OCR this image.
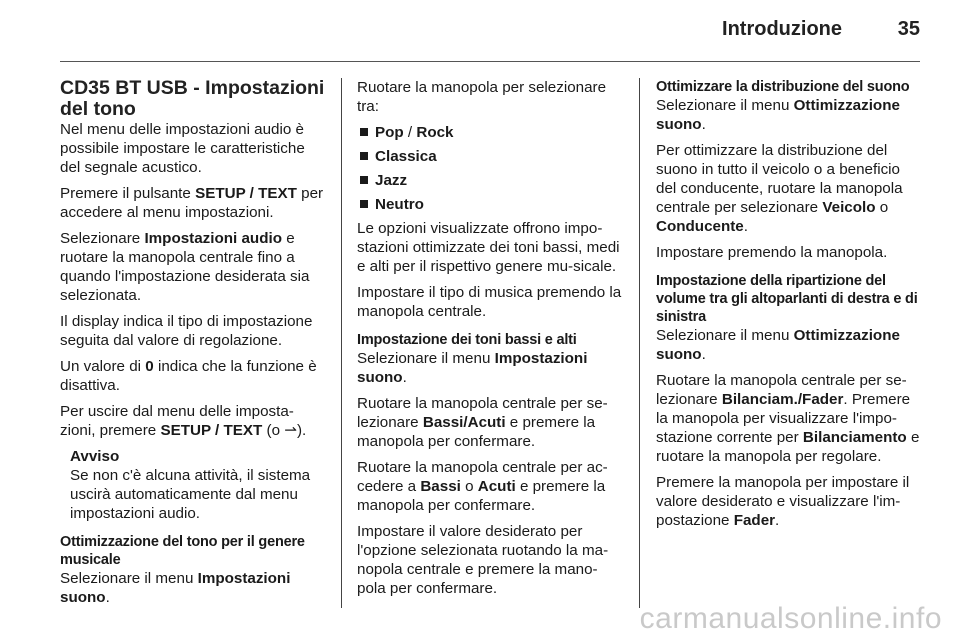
Introduzione	35
CD35 BT USB - Impostazioni del tono

Nel menu delle impostazioni audio è possibile impostare le caratteristiche del segnale acustico.

Premere il pulsante SETUP / TEXT per accedere al menu impostazioni.

Selezionare Impostazioni audio e ruotare la manopola centrale fino a quando l'impostazione desiderata sia selezionata.

Il display indica il tipo di impostazione seguita dal valore di regolazione.

Un valore di 0 indica che la funzione è disattiva.

Per uscire dal menu delle imposta-zioni, premere SETUP / TEXT (o ⇀).

Avviso

Se non c'è alcuna attività, il sistema uscirà automaticamente dal menu impostazioni audio.

Ottimizzazione del tono per il genere musicale

Selezionare il menu Impostazioni suono.

Ruotare la manopola per selezionare tra:

Pop / Rock
Classica
Jazz
Neutro

Le opzioni visualizzate offrono impo-stazioni ottimizzate dei toni bassi, medi e alti per il rispettivo genere mu-sicale.

Impostare il tipo di musica premendo la manopola centrale.

Impostazione dei toni bassi e alti

Selezionare il menu Impostazioni suono.

Ruotare la manopola centrale per se-lezionare Bassi/Acuti e premere la manopola per confermare.

Ruotare la manopola centrale per ac-cedere a Bassi o Acuti e premere la manopola per confermare.

Impostare il valore desiderato per l'opzione selezionata ruotando la ma-nopola centrale e premere la mano-pola per confermare.

Ottimizzare la distribuzione del suono

Selezionare il menu Ottimizzazione suono.

Per ottimizzare la distribuzione del suono in tutto il veicolo o a beneficio del conducente, ruotare la manopola centrale per selezionare Veicolo o Conducente.

Impostare premendo la manopola.

Impostazione della ripartizione del volume tra gli altoparlanti di destra e di sinistra

Selezionare il menu Ottimizzazione suono.

Ruotare la manopola centrale per se-lezionare Bilanciam./Fader. Premere la manopola per visualizzare l'impo-stazione corrente per Bilanciamento e ruotare la manopola per regolare.

Premere la manopola per impostare il valore desiderato e visualizzare l'im-postazione Fader.

carmanualsonline.info
